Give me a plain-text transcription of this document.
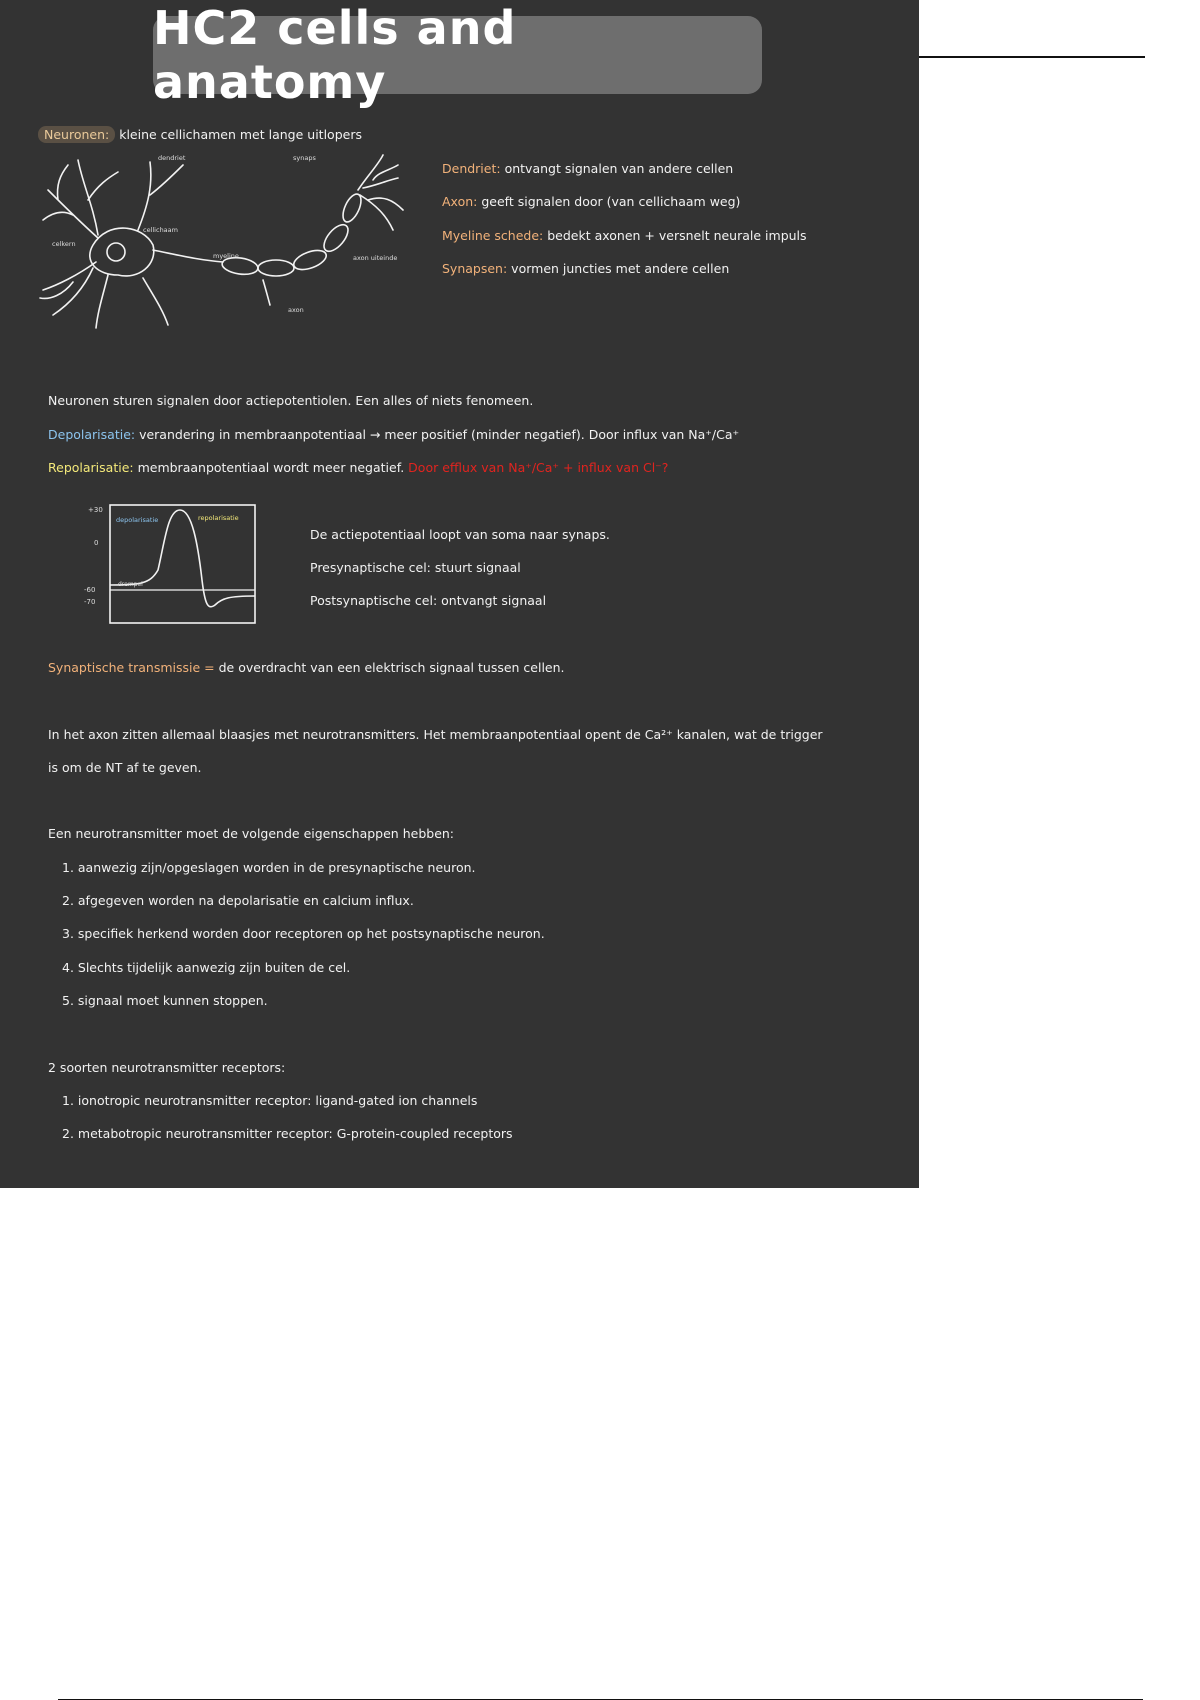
HC2 cells and anatomy
Neuronen: kleine cellichamen met lange uitlopers
dendriet	synaps
celkern
cellichaam
myeline	axon uiteinde
axon
Dendriet: ontvangt signalen van andere cellen
Axon: geeft signalen door (van cellichaam weg)
Myeline schede: bedekt axonen + versnelt neurale impuls
Synapsen: vormen juncties met andere cellen
Neuronen sturen signalen door actiepotentiolen. Een alles of niets fenomeen.
Depolarisatie: verandering in membraanpotentiaal → meer positief (minder negatief). Door influx van Na⁺/Ca⁺
Repolarisatie: membraanpotentiaal wordt meer negatief. Door efflux van Na⁺/Ca⁺ + influx van Cl⁻?
+30
0
-60
-70
drempel
depolarisatie	repolarisatie
De actiepotentiaal loopt van soma naar synaps.
Presynaptische cel: stuurt signaal
Postsynaptische cel: ontvangt signaal
Synaptische transmissie = de overdracht van een elektrisch signaal tussen cellen.
In het axon zitten allemaal blaasjes met neurotransmitters. Het membraanpotentiaal opent de Ca²⁺ kanalen, wat de trigger
is om de NT af te geven.
Een neurotransmitter moet de volgende eigenschappen hebben:
1. aanwezig zijn/opgeslagen worden in de presynaptische neuron.
2. afgegeven worden na depolarisatie en calcium influx.
3. specifiek herkend worden door receptoren op het postsynaptische neuron.
4. Slechts tijdelijk aanwezig zijn buiten de cel.
5. signaal moet kunnen stoppen.
2 soorten neurotransmitter receptors:
1. ionotropic neurotransmitter receptor: ligand-gated ion channels
2. metabotropic neurotransmitter receptor: G-protein-coupled receptors
